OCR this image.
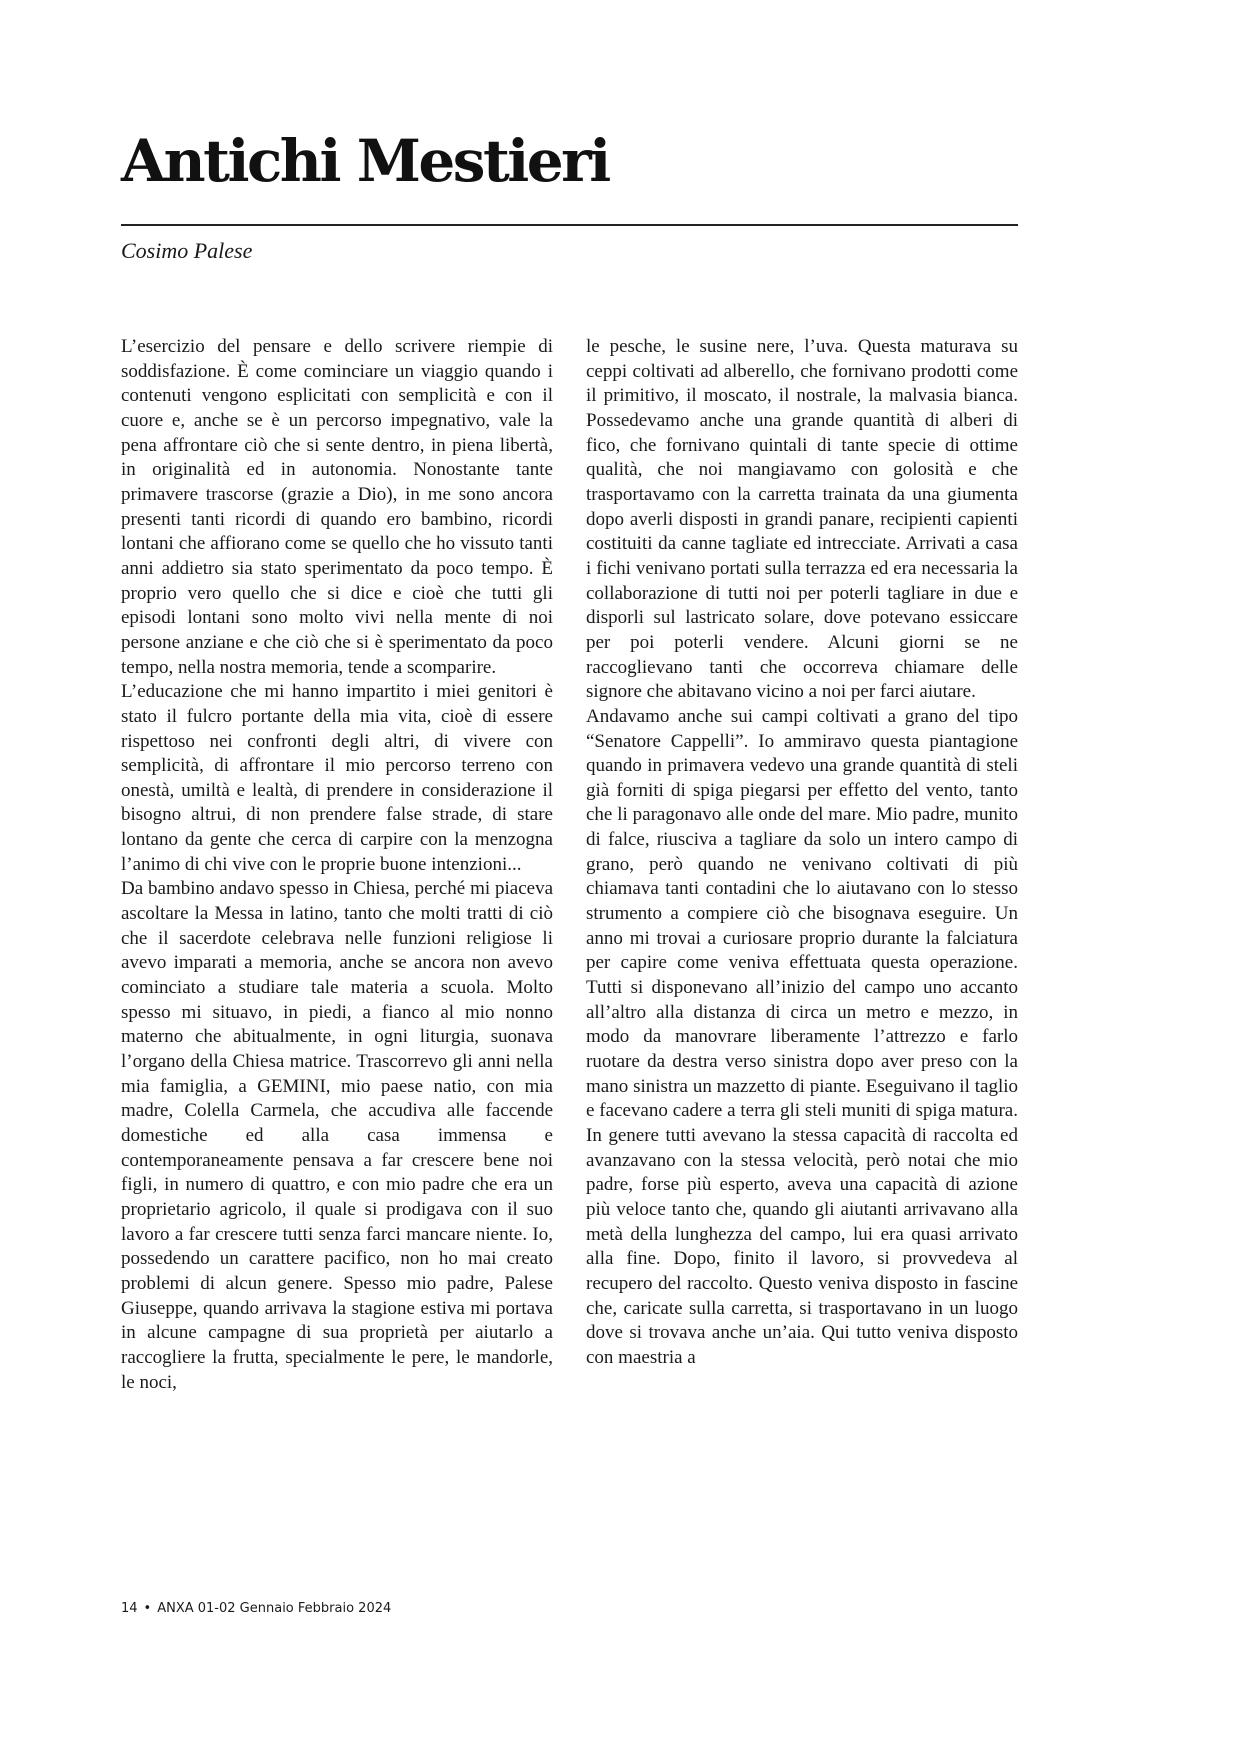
Antichi Mestieri
Cosimo Palese

L’esercizio del pensare e dello scrivere riempie di soddisfazione. È come cominciare un viaggio quando i contenuti vengono esplicitati con semplicità e con il cuore e, anche se è un percorso impegnativo, vale la pena affrontare ciò che si sente dentro, in piena libertà, in originalità ed in autonomia. Nonostante tante primavere trascorse (grazie a Dio), in me sono ancora presenti tanti ricordi di quando ero bambino, ricordi lontani che affiorano come se quello che ho vissuto tanti anni addietro sia stato sperimentato da poco tempo. È proprio vero quello che si dice e cioè che tutti gli episodi lontani sono molto vivi nella mente di noi persone anziane e che ciò che si è sperimentato da poco tempo, nella nostra memoria, tende a scomparire.

L’educazione che mi hanno impartito i miei genitori è stato il fulcro portante della mia vita, cioè di essere rispettoso nei confronti degli altri, di vivere con semplicità, di affrontare il mio percorso terreno con onestà, umiltà e lealtà, di prendere in considerazione il bisogno altrui, di non prendere false strade, di stare lontano da gente che cerca di carpire con la menzogna l’animo di chi vive con le proprie buone intenzioni...

Da bambino andavo spesso in Chiesa, perché mi piaceva ascoltare la Messa in latino, tanto che molti tratti di ciò che il sacerdote celebrava nelle funzioni religiose li avevo imparati a memoria, anche se ancora non avevo cominciato a studiare tale materia a scuola. Molto spesso mi situavo, in piedi, a fianco al mio nonno materno che abitualmente, in ogni liturgia, suonava l’organo della Chiesa matrice. Trascorrevo gli anni nella mia famiglia, a GEMINI, mio paese natio, con mia madre, Colella Carmela, che accudiva alle faccende domestiche ed alla casa immensa e contemporaneamente pensava a far crescere bene noi figli, in numero di quattro, e con mio padre che era un proprietario agricolo, il quale si prodigava con il suo lavoro a far crescere tutti senza farci mancare niente. Io, possedendo un carattere pacifico, non ho mai creato problemi di alcun genere. Spesso mio padre, Palese Giuseppe, quando arrivava la stagione estiva mi portava in alcune campagne di sua proprietà per aiutarlo a raccogliere la frutta, specialmente le pere, le mandorle, le noci,

le pesche, le susine nere, l’uva. Questa maturava su ceppi coltivati ad alberello, che fornivano prodotti come il primitivo, il moscato, il nostrale, la malvasia bianca. Possedevamo anche una grande quantità di alberi di fico, che fornivano quintali di tante specie di ottime qualità, che noi mangiavamo con golosità e che trasportavamo con la carretta trainata da una giumenta dopo averli disposti in grandi panare, recipienti capienti costituiti da canne tagliate ed intrecciate. Arrivati a casa i fichi venivano portati sulla terrazza ed era necessaria la collaborazione di tutti noi per poterli tagliare in due e disporli sul lastricato solare, dove potevano essiccare per poi poterli vendere. Alcuni giorni se ne raccoglievano tanti che occorreva chiamare delle signore che abitavano vicino a noi per farci aiutare.

Andavamo anche sui campi coltivati a grano del tipo “Senatore Cappelli”. Io ammiravo questa piantagione quando in primavera vedevo una grande quantità di steli già forniti di spiga piegarsi per effetto del vento, tanto che li paragonavo alle onde del mare. Mio padre, munito di falce, riusciva a tagliare da solo un intero campo di grano, però quando ne venivano coltivati di più chiamava tanti contadini che lo aiutavano con lo stesso strumento a compiere ciò che bisognava eseguire. Un anno mi trovai a curiosare proprio durante la falciatura per capire come veniva effettuata questa operazione. Tutti si disponevano all’inizio del campo uno accanto all’altro alla distanza di circa un metro e mezzo, in modo da manovrare liberamente l’attrezzo e farlo ruotare da destra verso sinistra dopo aver preso con la mano sinistra un mazzetto di piante. Eseguivano il taglio e facevano cadere a terra gli steli muniti di spiga matura. In genere tutti avevano la stessa capacità di raccolta ed avanzavano con la stessa velocità, però notai che mio padre, forse più esperto, aveva una capacità di azione più veloce tanto che, quando gli aiutanti arrivavano alla metà della lunghezza del campo, lui era quasi arrivato alla fine. Dopo, finito il lavoro, si provvedeva al recupero del raccolto. Questo veniva disposto in fascine che, caricate sulla carretta, si trasportavano in un luogo dove si trovava anche un’aia. Qui tutto veniva disposto con maestria a

14 • ANXA 01-02 Gennaio Febbraio 2024
